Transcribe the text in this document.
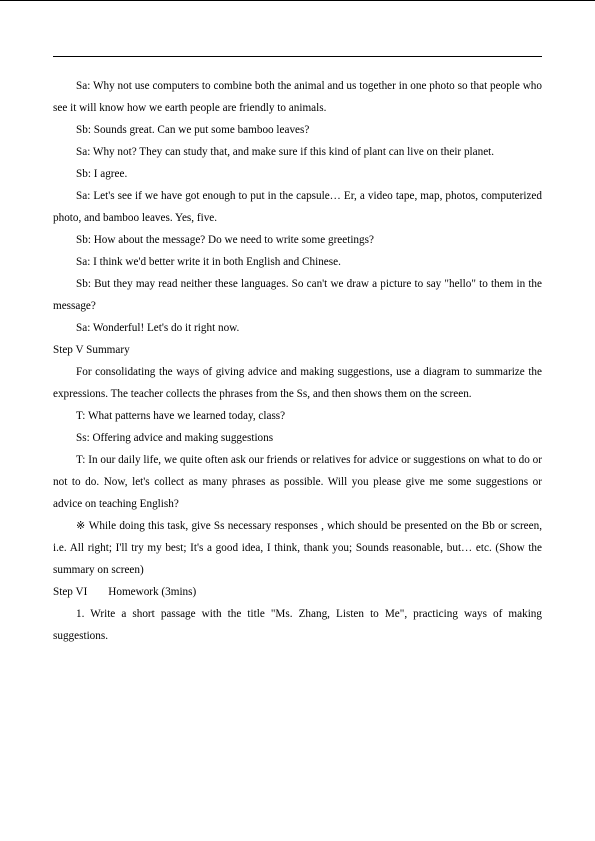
Sa: Why not use computers to combine both the animal and us together in one photo so that people who see it will know how we earth people are friendly to animals.

Sb: Sounds great. Can we put some bamboo leaves?

Sa: Why not? They can study that, and make sure if this kind of plant can live on their planet.

Sb: I agree.

Sa: Let's see if we have got enough to put in the capsule… Er, a video tape, map, photos, computerized photo, and bamboo leaves. Yes, five.

Sb: How about the message? Do we need to write some greetings?

Sa: I think we'd better write it in both English and Chinese.

Sb: But they may read neither these languages. So can't we draw a picture to say "hello" to them in the message?

Sa: Wonderful! Let's do it right now.

Step V Summary

For consolidating the ways of giving advice and making suggestions, use a diagram to summarize the expressions. The teacher collects the phrases from the Ss, and then shows them on the screen.

T: What patterns have we learned today, class?

Ss: Offering advice and making suggestions

T: In our daily life, we quite often ask our friends or relatives for advice or suggestions on what to do or not to do. Now, let's collect as many phrases as possible. Will you please give me some suggestions or advice on teaching English?

※ While doing this task, give Ss necessary responses , which should be presented on the Bb or screen, i.e. All right; I'll try my best; It's a good idea, I think, thank you; Sounds reasonable, but… etc. (Show the summary on screen)

Step VI Homework (3mins)

1. Write a short passage with the title "Ms. Zhang, Listen to Me", practicing ways of making suggestions.
